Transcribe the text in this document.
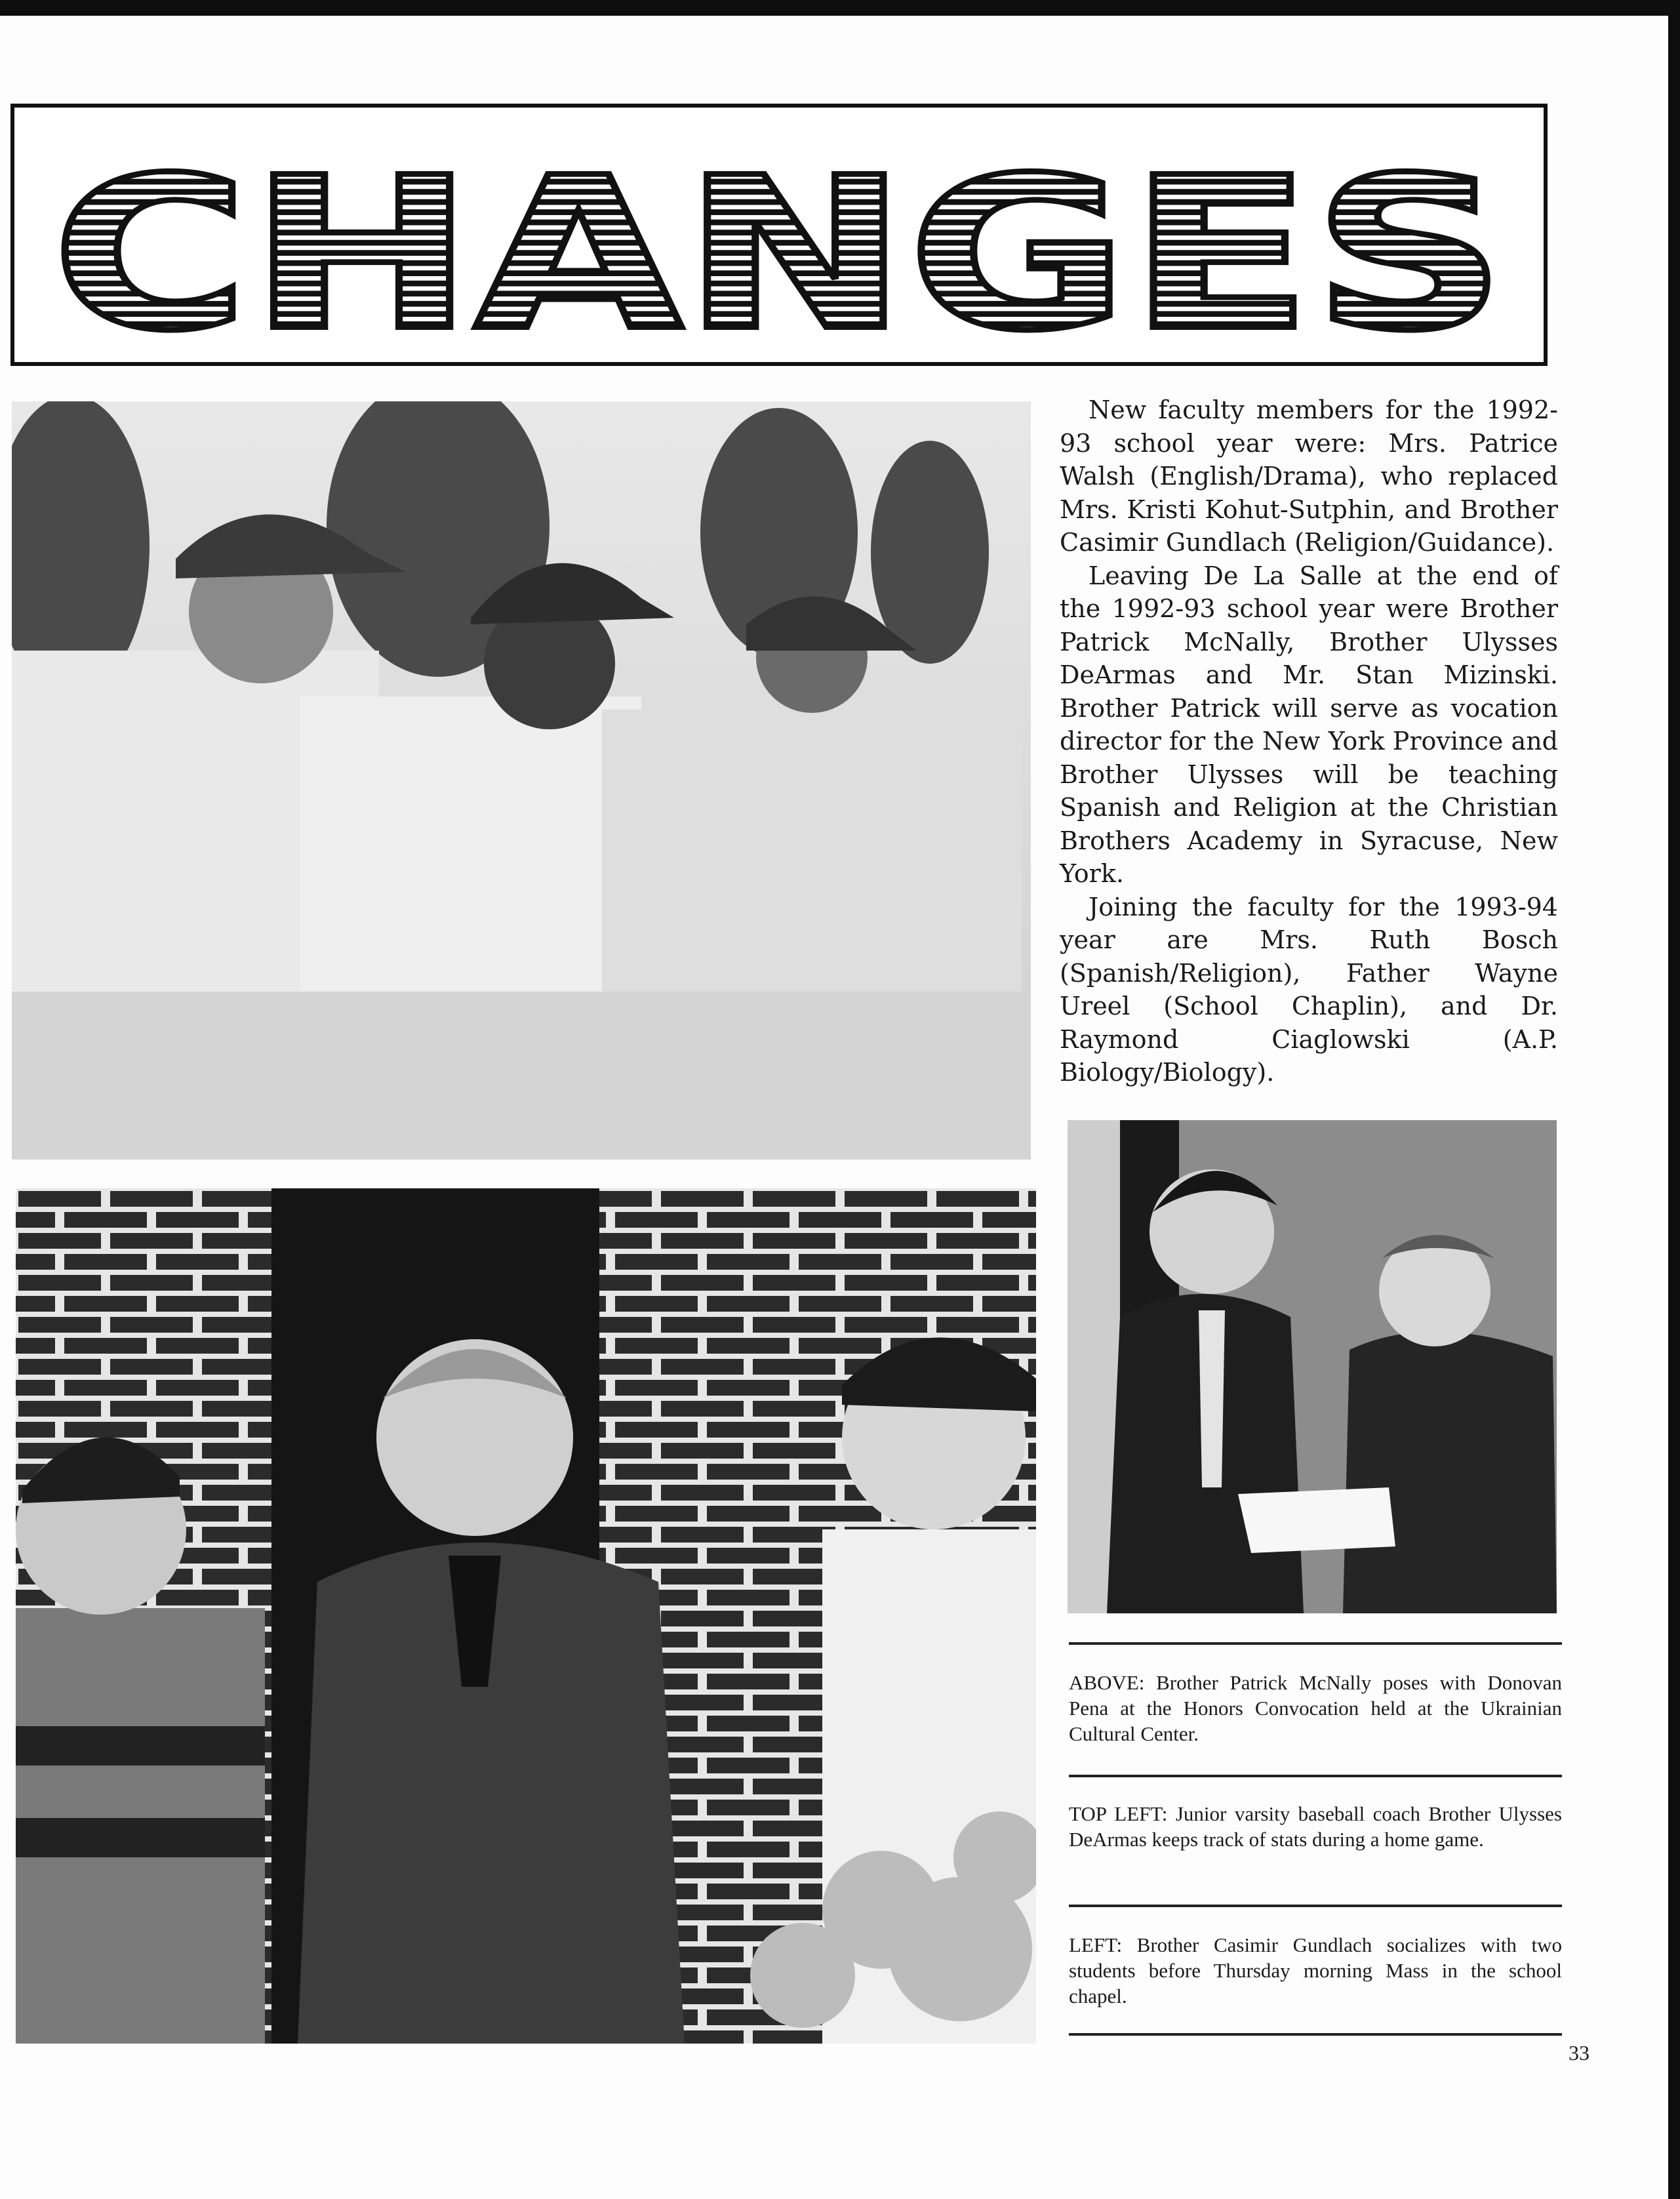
CHANGES

New faculty members for the 1992-93 school year were: Mrs. Patrice Walsh (English/Drama), who replaced Mrs. Kristi Kohut-Sutphin, and Brother Casimir Gundlach (Religion/Guidance).

Leaving De La Salle at the end of the 1992-93 school year were Brother Patrick McNally, Brother Ulysses DeArmas and Mr. Stan Mizinski. Brother Patrick will serve as vocation director for the New York Province and Brother Ulysses will be teaching Spanish and Religion at the Christian Brothers Academy in Syracuse, New York.

Joining the faculty for the 1993-94 year are Mrs. Ruth Bosch (Spanish/Religion), Father Wayne Ureel (School Chaplin), and Dr. Raymond Ciaglowski (A.P. Biology/Biology).

ABOVE: Brother Patrick McNally poses with Donovan Pena at the Honors Convocation held at the Ukrainian Cultural Center.

TOP LEFT: Junior varsity baseball coach Brother Ulysses DeArmas keeps track of stats during a home game.

LEFT: Brother Casimir Gundlach socializes with two students before Thursday morning Mass in the school chapel.

33
